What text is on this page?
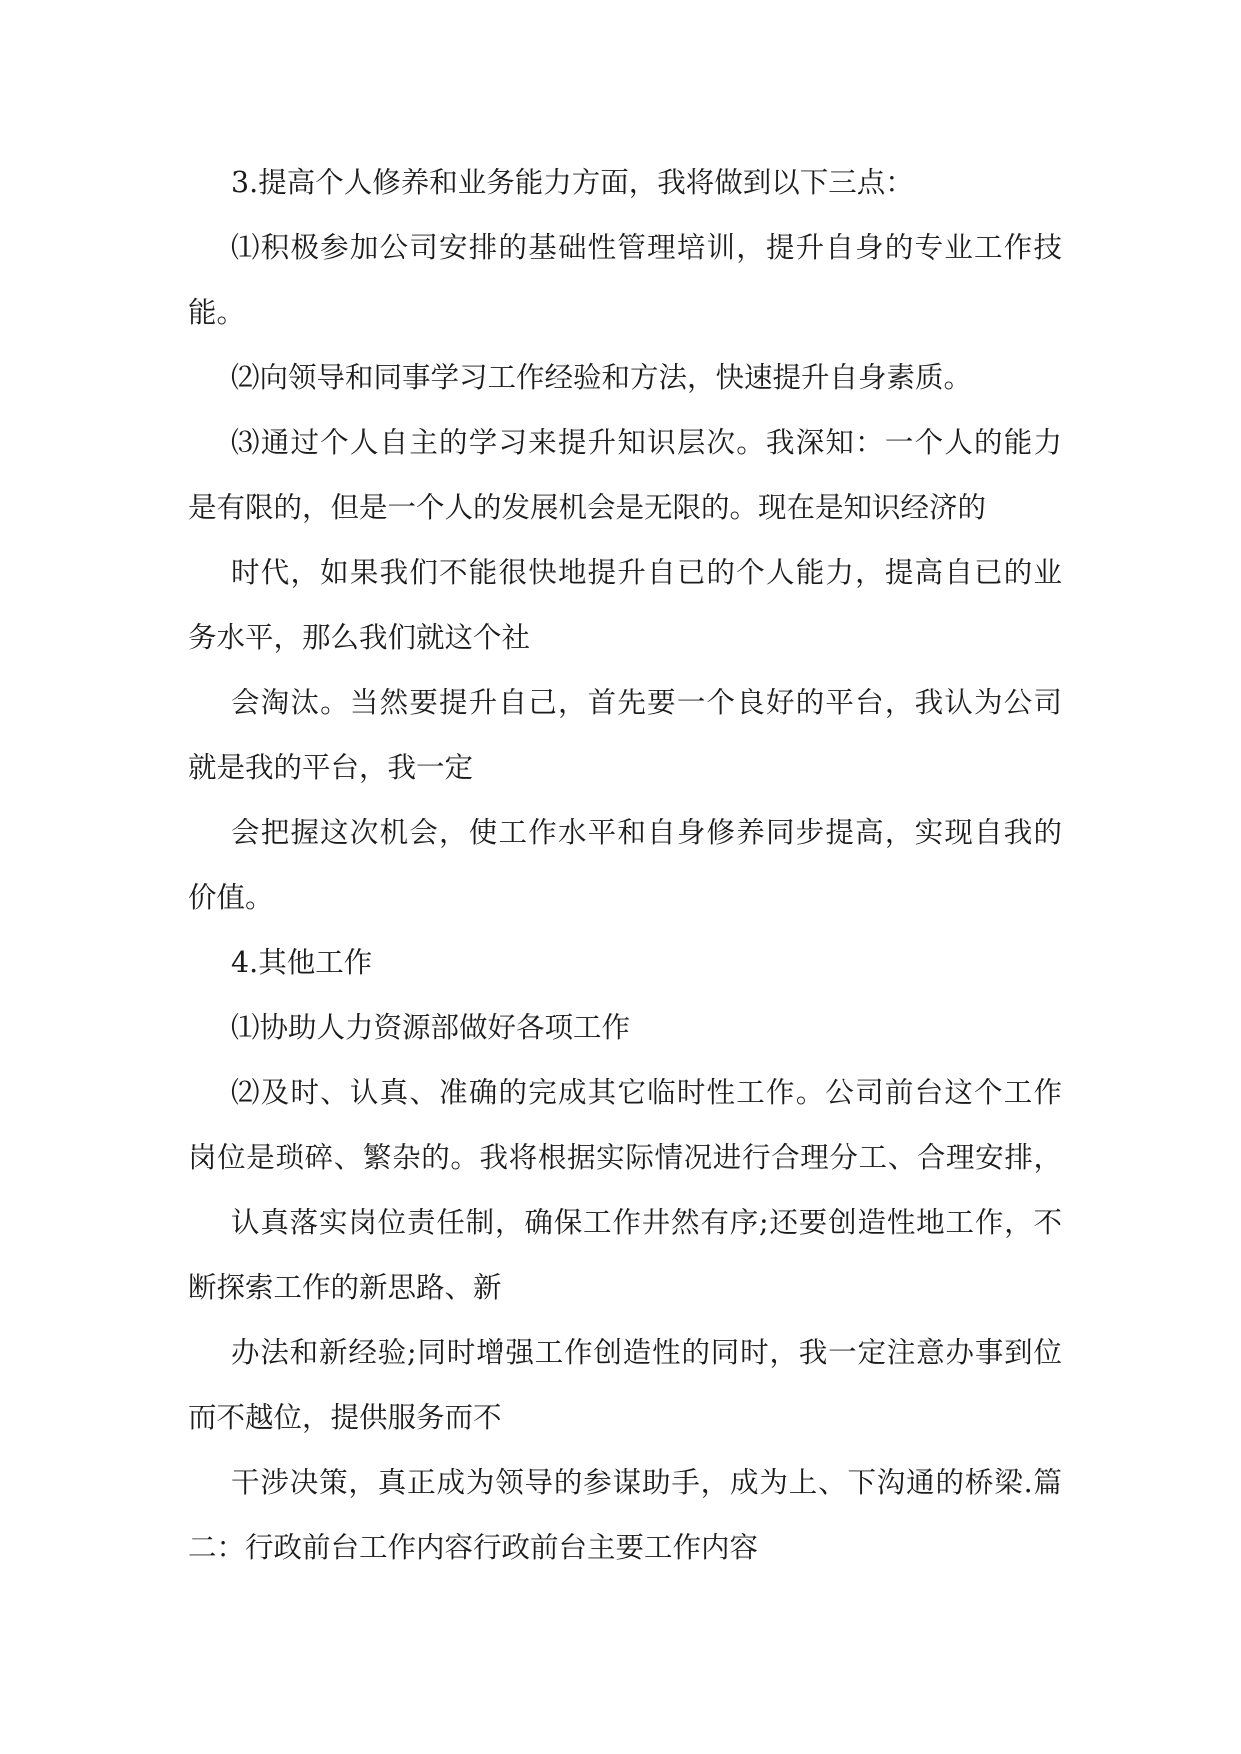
3.提高个人修养和业务能力方面，我将做到以下三点：
⑴积极参加公司安排的基础性管理培训，提升自身的专业工作技
能。
⑵向领导和同事学习工作经验和方法，快速提升自身素质。
⑶通过个人自主的学习来提升知识层次。我深知：一个人的能力
是有限的，但是一个人的发展机会是无限的。现在是知识经济的
时代，如果我们不能很快地提升自已的个人能力，提高自已的业
务水平，那么我们就这个社
会淘汰。当然要提升自己，首先要一个良好的平台，我认为公司
就是我的平台，我一定
会把握这次机会，使工作水平和自身修养同步提高，实现自我的
价值。
4.其他工作
⑴协助人力资源部做好各项工作
⑵及时、认真、准确的完成其它临时性工作。公司前台这个工作
岗位是琐碎、繁杂的。我将根据实际情况进行合理分工、合理安排，
认真落实岗位责任制，确保工作井然有序;还要创造性地工作，不
断探索工作的新思路、新
办法和新经验;同时增强工作创造性的同时，我一定注意办事到位
而不越位，提供服务而不
干涉决策，真正成为领导的参谋助手，成为上、下沟通的桥梁.篇
二：行政前台工作内容行政前台主要工作内容
